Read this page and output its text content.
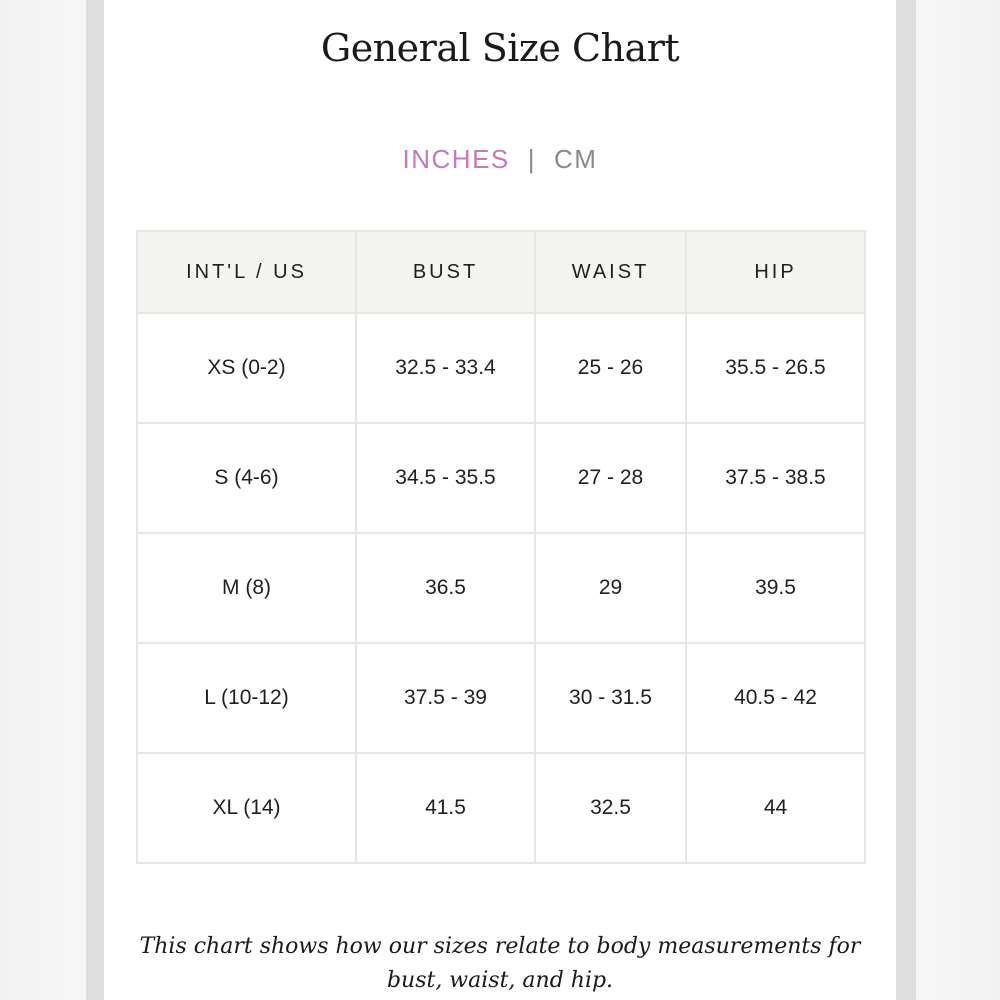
General Size Chart
INCHES | CM
INT'L / US	BUST	WAIST	HIP
XS (0-2)	32.5 - 33.4	25 - 26	35.5 - 26.5
S (4-6)	34.5 - 35.5	27 - 28	37.5 - 38.5
M (8)	36.5	29	39.5
L (10-12)	37.5 - 39	30 - 31.5	40.5 - 42
XL (14)	41.5	32.5	44
This chart shows how our sizes relate to body measurements for bust, waist, and hip.
